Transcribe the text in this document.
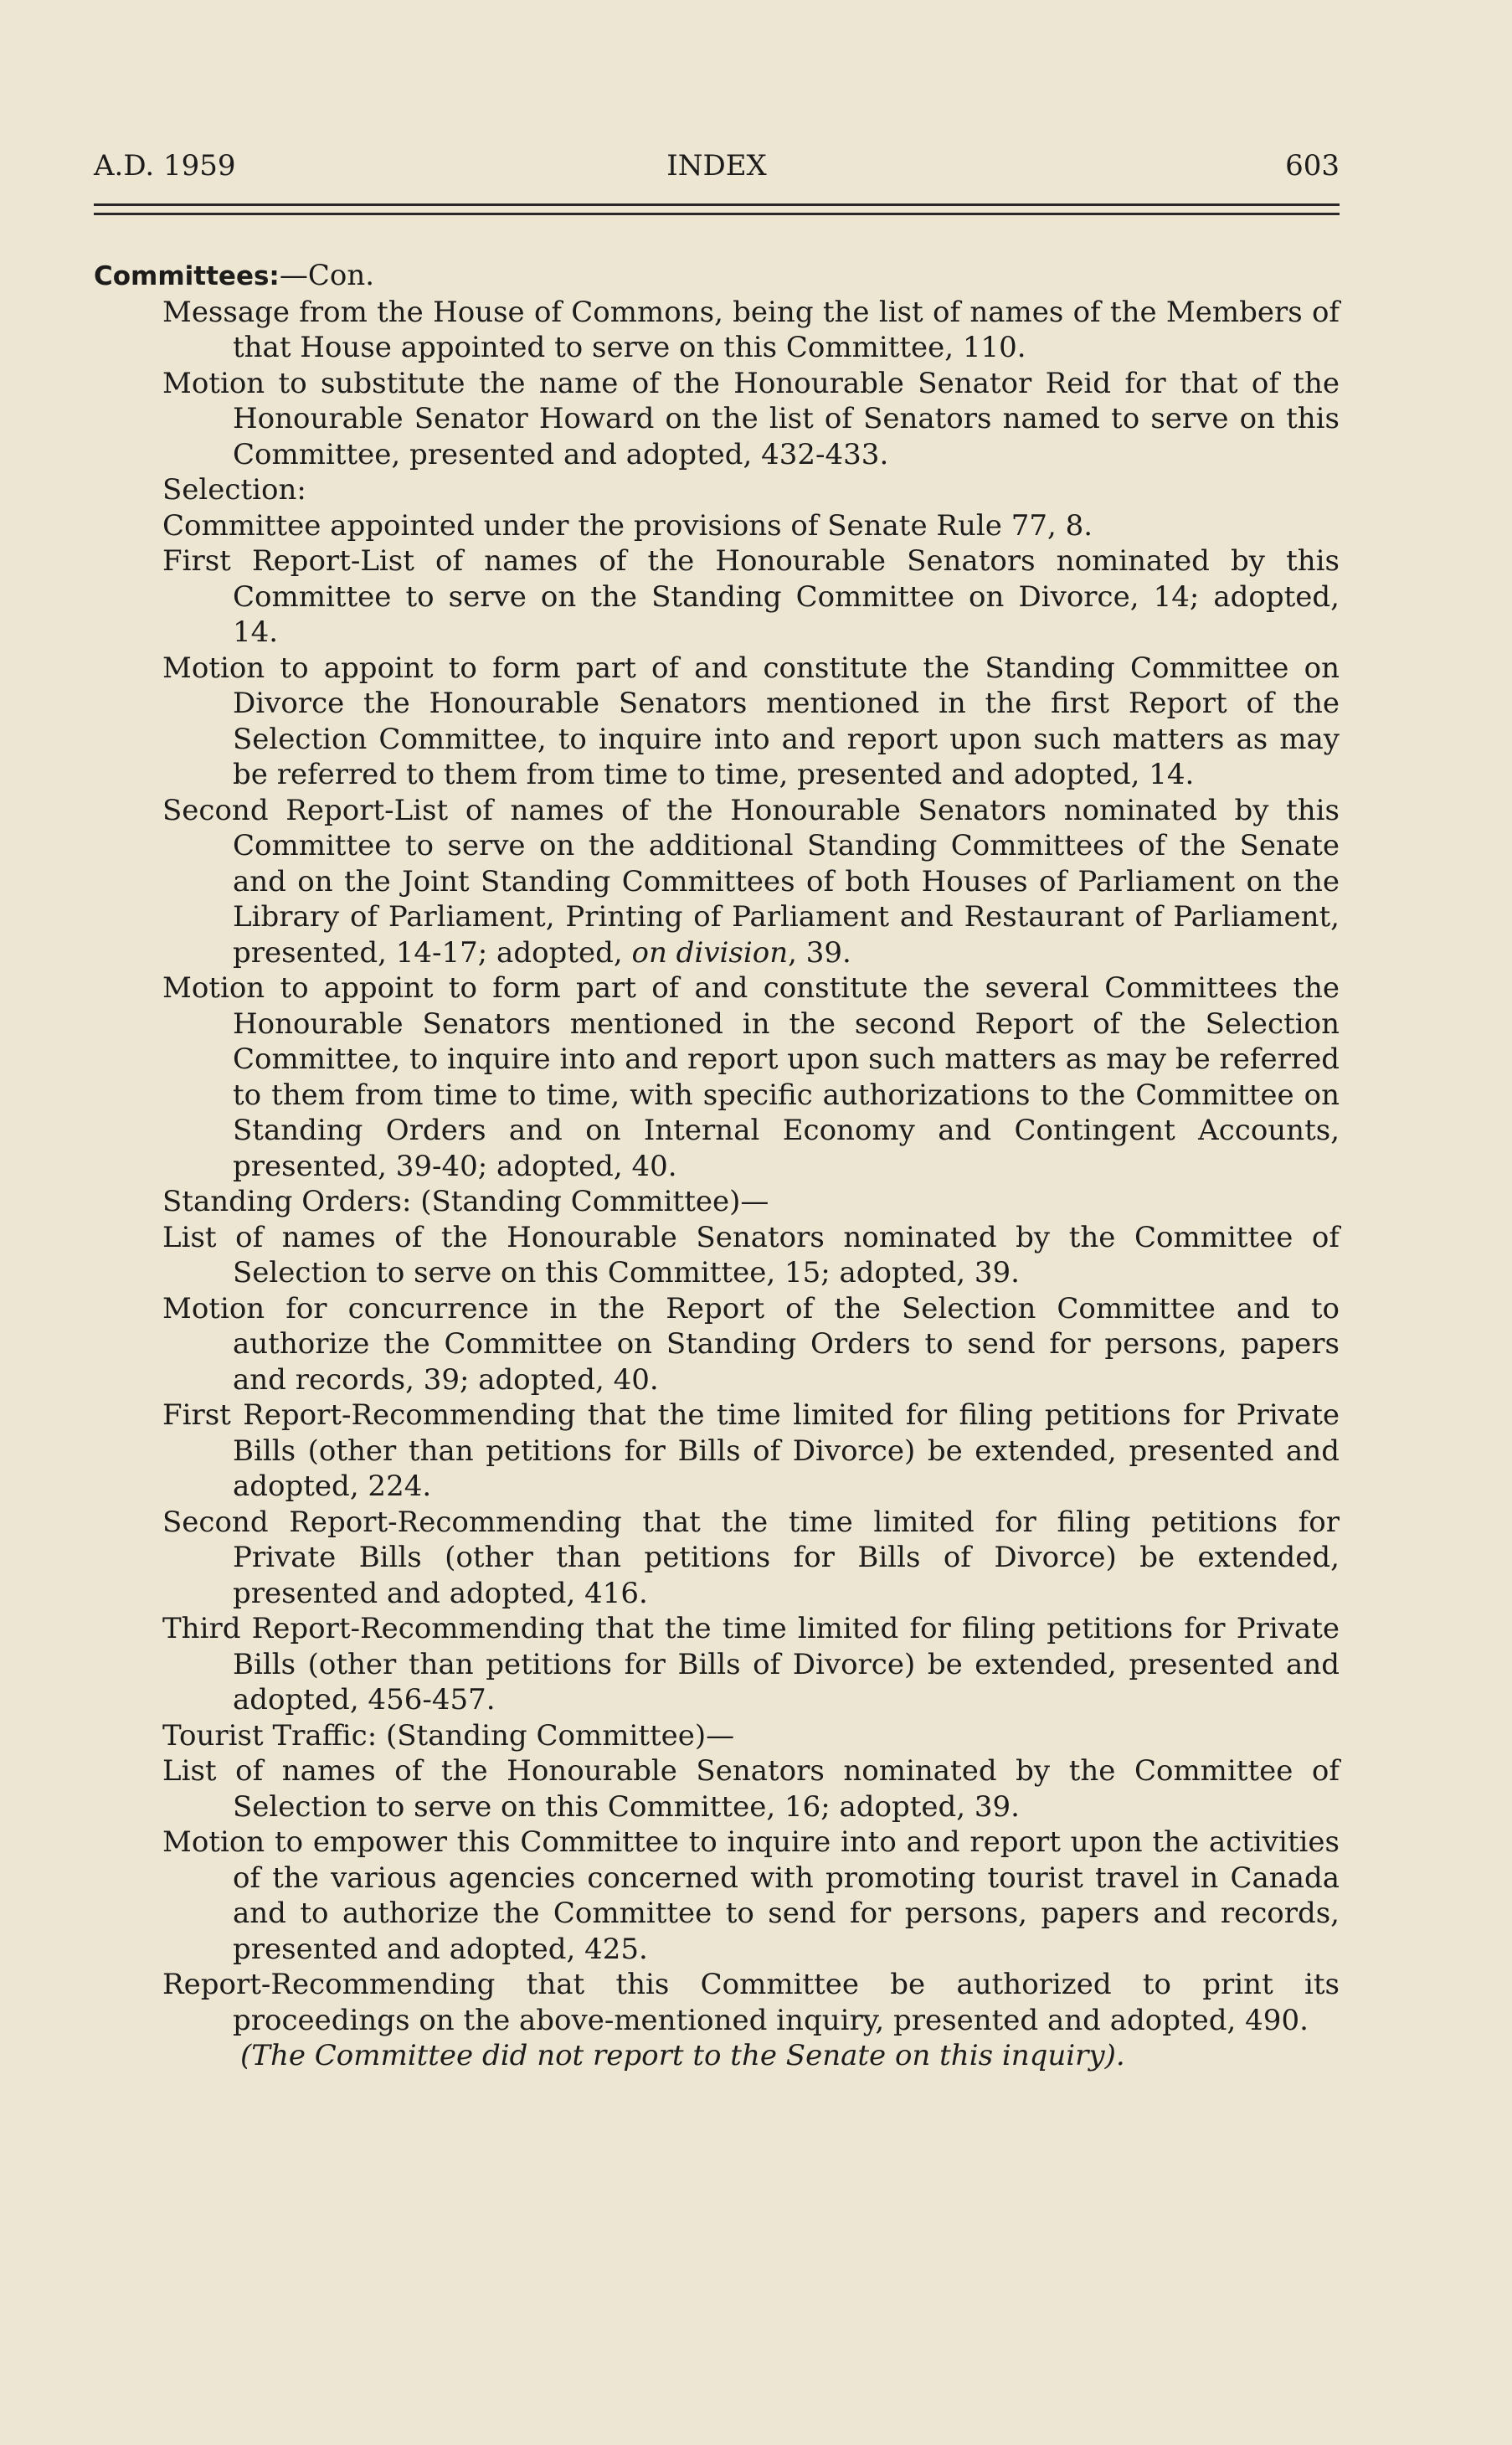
A.D. 1959	INDEX	603

Committees:—Con.

Message from the House of Commons, being the list of names of the Members of that House appointed to serve on this Committee, 110.

Motion to substitute the name of the Honourable Senator Reid for that of the Honourable Senator Howard on the list of Senators named to serve on this Committee, presented and adopted, 432-433.

Selection:

Committee appointed under the provisions of Senate Rule 77, 8.

First Report-List of names of the Honourable Senators nominated by this Committee to serve on the Standing Committee on Divorce, 14; adopted, 14.

Motion to appoint to form part of and constitute the Standing Committee on Divorce the Honourable Senators mentioned in the first Report of the Selection Committee, to inquire into and report upon such matters as may be referred to them from time to time, presented and adopted, 14.

Second Report-List of names of the Honourable Senators nominated by this Committee to serve on the additional Standing Committees of the Senate and on the Joint Standing Committees of both Houses of Parliament on the Library of Parliament, Printing of Parliament and Restaurant of Parliament, presented, 14-17; adopted, on division, 39.

Motion to appoint to form part of and constitute the several Committees the Honourable Senators mentioned in the second Report of the Selection Committee, to inquire into and report upon such matters as may be referred to them from time to time, with specific authorizations to the Committee on Standing Orders and on Internal Economy and Contingent Accounts, presented, 39-40; adopted, 40.

Standing Orders: (Standing Committee)—

List of names of the Honourable Senators nominated by the Committee of Selection to serve on this Committee, 15; adopted, 39.

Motion for concurrence in the Report of the Selection Committee and to authorize the Committee on Standing Orders to send for persons, papers and records, 39; adopted, 40.

First Report-Recommending that the time limited for filing petitions for Private Bills (other than petitions for Bills of Divorce) be extended, presented and adopted, 224.

Second Report-Recommending that the time limited for filing petitions for Private Bills (other than petitions for Bills of Divorce) be extended, presented and adopted, 416.

Third Report-Recommending that the time limited for filing petitions for Private Bills (other than petitions for Bills of Divorce) be extended, presented and adopted, 456-457.

Tourist Traffic: (Standing Committee)—

List of names of the Honourable Senators nominated by the Committee of Selection to serve on this Committee, 16; adopted, 39.

Motion to empower this Committee to inquire into and report upon the activities of the various agencies concerned with promoting tourist travel in Canada and to authorize the Committee to send for persons, papers and records, presented and adopted, 425.

Report-Recommending that this Committee be authorized to print its proceedings on the above-mentioned inquiry, presented and adopted, 490.

(The Committee did not report to the Senate on this inquiry).
